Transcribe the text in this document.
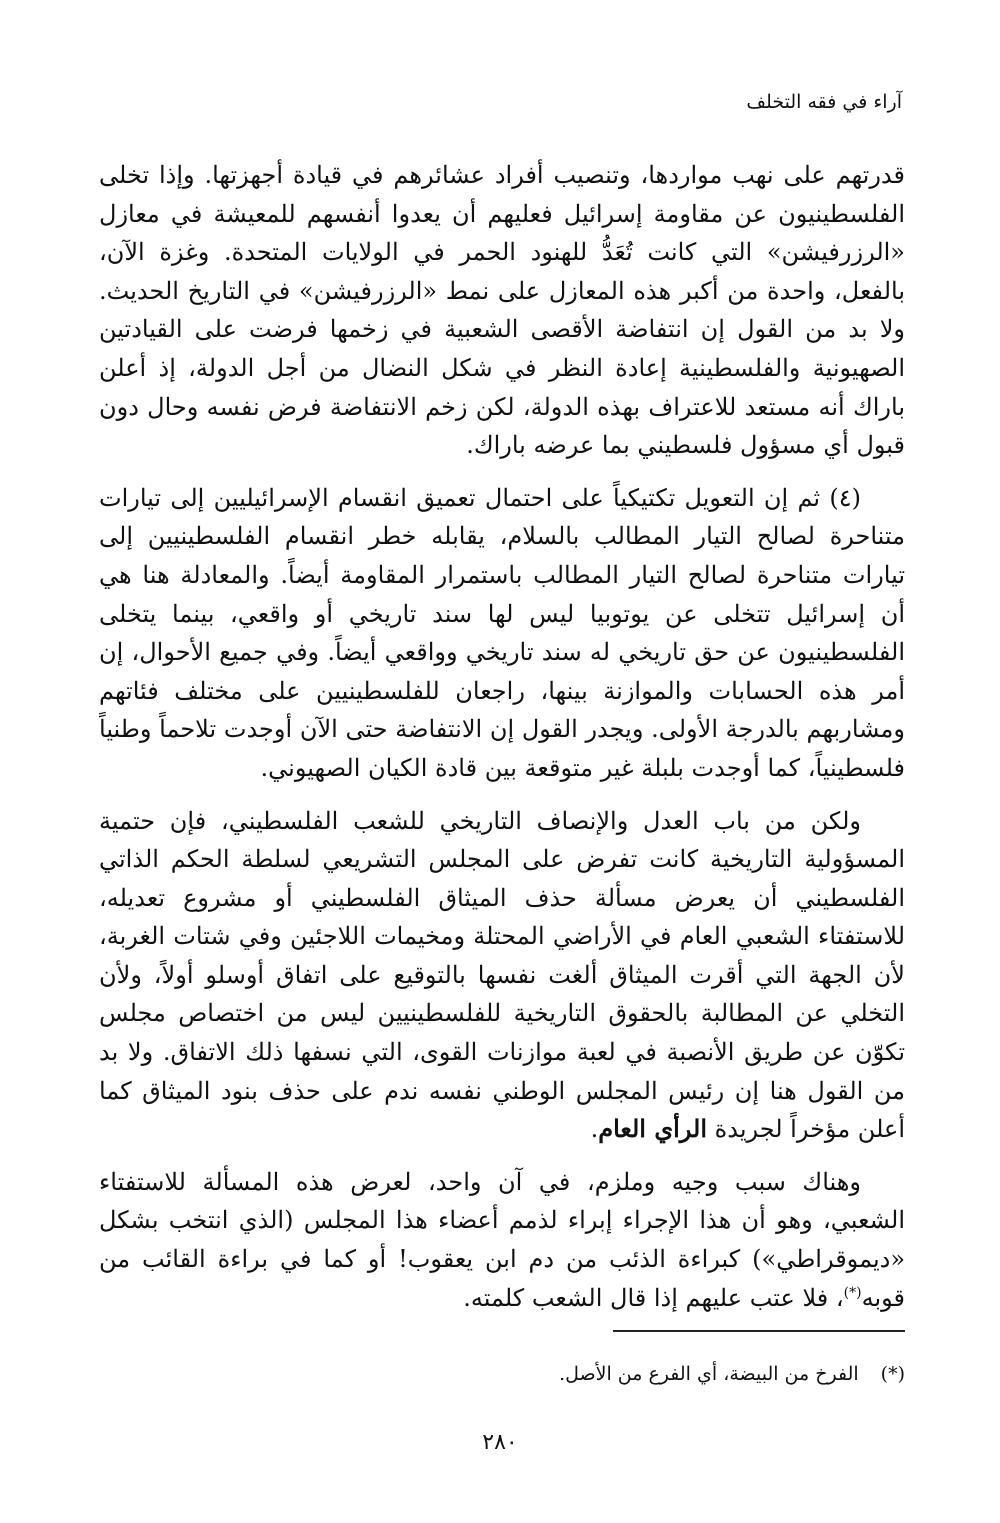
آراء في فقه التخلف

قدرتهم على نهب مواردها، وتنصيب أفراد عشائرهم في قيادة أجهزتها. وإذا تخلى الفلسطينيون عن مقاومة إسرائيل فعليهم أن يعدوا أنفسهم للمعيشة في معازل «الرزرفيشن» التي كانت تُعَدُّ للهنود الحمر في الولايات المتحدة. وغزة الآن، بالفعل، واحدة من أكبر هذه المعازل على نمط «الرزرفيشن» في التاريخ الحديث. ولا بد من القول إن انتفاضة الأقصى الشعبية في زخمها فرضت على القيادتين الصهيونية والفلسطينية إعادة النظر في شكل النضال من أجل الدولة، إذ أعلن باراك أنه مستعد للاعتراف بهذه الدولة، لكن زخم الانتفاضة فرض نفسه وحال دون قبول أي مسؤول فلسطيني بما عرضه باراك.

(٤) ثم إن التعويل تكتيكياً على احتمال تعميق انقسام الإسرائيليين إلى تيارات متناحرة لصالح التيار المطالب بالسلام، يقابله خطر انقسام الفلسطينيين إلى تيارات متناحرة لصالح التيار المطالب باستمرار المقاومة أيضاً. والمعادلة هنا هي أن إسرائيل تتخلى عن يوتوبيا ليس لها سند تاريخي أو واقعي، بينما يتخلى الفلسطينيون عن حق تاريخي له سند تاريخي وواقعي أيضاً. وفي جميع الأحوال، إن أمر هذه الحسابات والموازنة بينها، راجعان للفلسطينيين على مختلف فئاتهم ومشاربهم بالدرجة الأولى. ويجدر القول إن الانتفاضة حتى الآن أوجدت تلاحماً وطنياً فلسطينياً، كما أوجدت بلبلة غير متوقعة بين قادة الكيان الصهيوني.

ولكن من باب العدل والإنصاف التاريخي للشعب الفلسطيني، فإن حتمية المسؤولية التاريخية كانت تفرض على المجلس التشريعي لسلطة الحكم الذاتي الفلسطيني أن يعرض مسألة حذف الميثاق الفلسطيني أو مشروع تعديله، للاستفتاء الشعبي العام في الأراضي المحتلة ومخيمات اللاجئين وفي شتات الغربة، لأن الجهة التي أقرت الميثاق ألغت نفسها بالتوقيع على اتفاق أوسلو أولاً، ولأن التخلي عن المطالبة بالحقوق التاريخية للفلسطينيين ليس من اختصاص مجلس تكوّن عن طريق الأنصبة في لعبة موازنات القوى، التي نسفها ذلك الاتفاق. ولا بد من القول هنا إن رئيس المجلس الوطني نفسه ندم على حذف بنود الميثاق كما أعلن مؤخراً لجريدة الرأي العام.

وهناك سبب وجيه وملزم، في آن واحد، لعرض هذه المسألة للاستفتاء الشعبي، وهو أن هذا الإجراء إبراء لذمم أعضاء هذا المجلس (الذي انتخب بشكل «ديموقراطي») كبراءة الذئب من دم ابن يعقوب! أو كما في براءة القائب من قوبه(*)، فلا عتب عليهم إذا قال الشعب كلمته.

(*)الفرخ من البيضة، أي الفرع من الأصل.
٢٨٠
